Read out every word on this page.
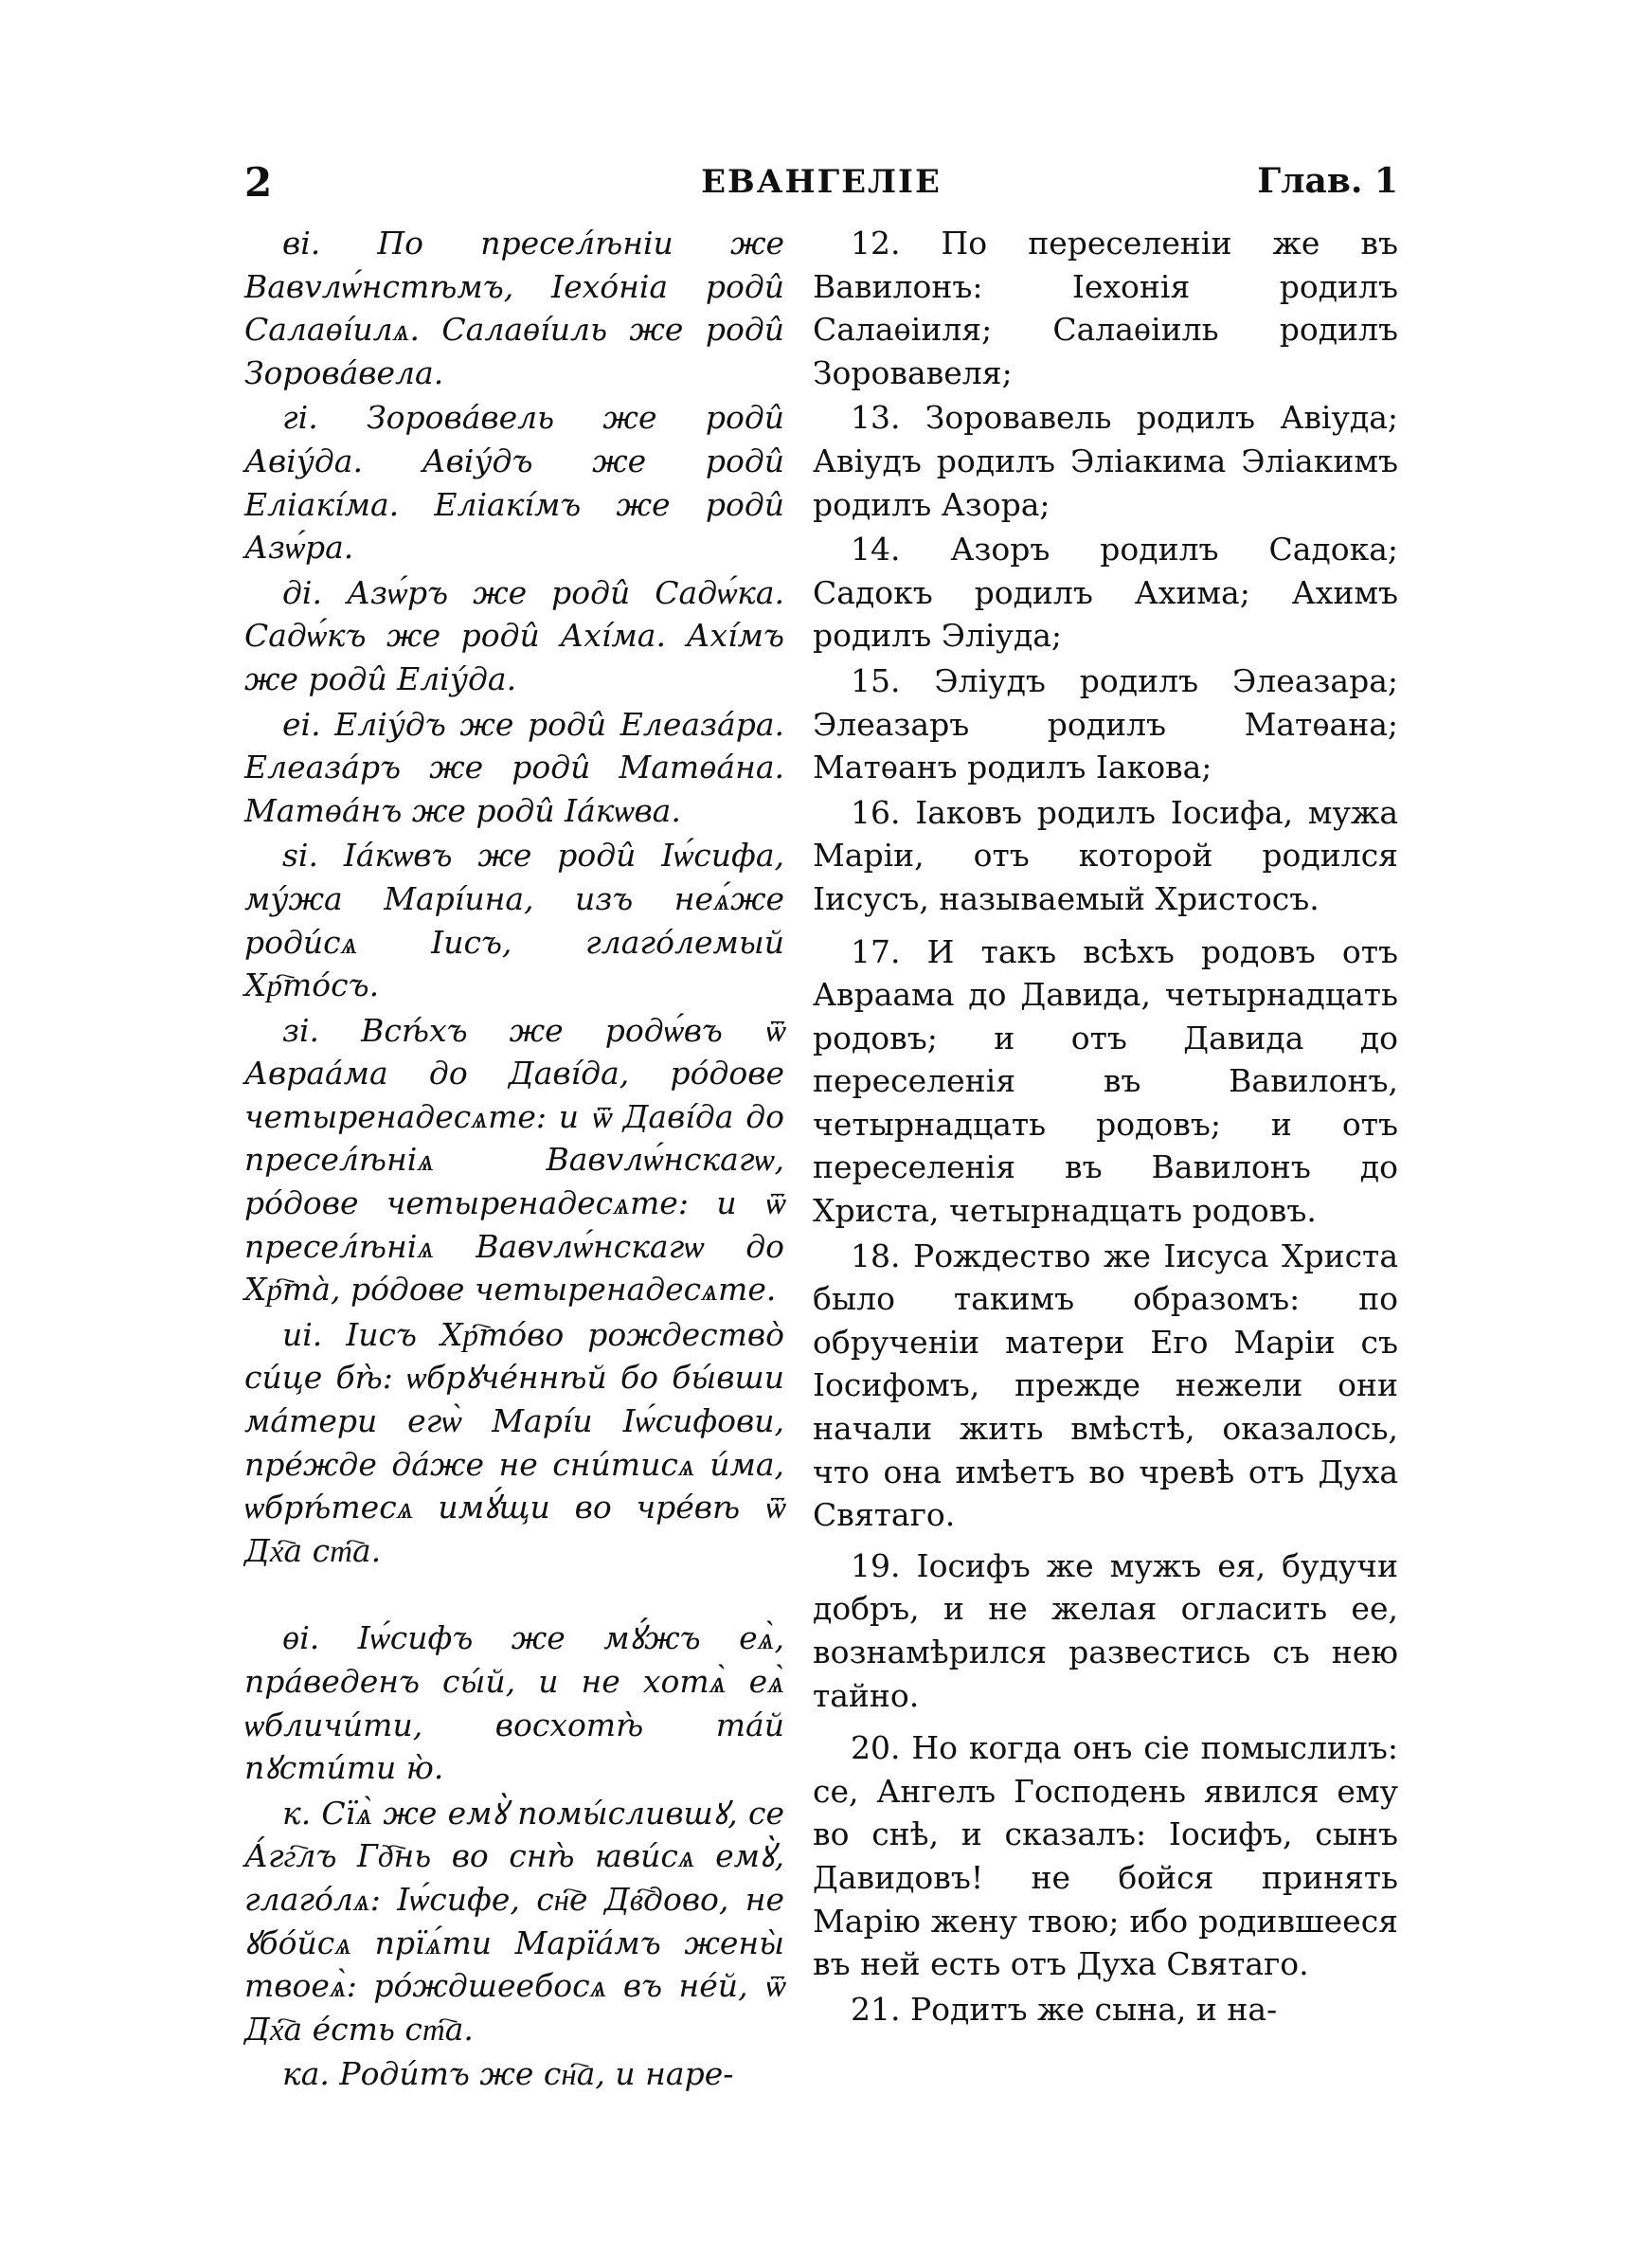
2	ЕВАНГЕЛІЕ	Глав. 1

ві. По пресел́ѣніи же Вавvлѡ́нстѣмъ, Іехо́ніа роди̂ Салаѳі́илѧ. Салаѳі́иль же роди̂ Зорова́вела.

гі. Зорова́вель же роди̂ Авіу́да. Авіу́дъ же роди̂ Еліакі́ма. Еліакі́мъ же роди̂ Азѡ́ра.

ді. Азѡ́ръ же роди̂ Садѡ́ка. Садѡ́къ же роди̂ Ахі́ма. Ахі́мъ же роди̂ Еліу́да.

еі. Еліу́дъ же роди̂ Елеаза́ра. Елеаза́ръ же роди̂ Матѳа́на. Матѳа́нъ же роди̂ Іа́кѡва.

ѕі. Іа́кѡвъ же роди̂ Іѡ́сифа, му́жа Марі́ина, изъ неѧ́же роди́сѧ Іисъ, глаго́лемый Хр҇то́съ.

зі. Всѣ́хъ же родѡ́въ ѿ Авраа́ма до Даві́да, ро́дове четыренадесѧте: и ѿ Даві́да до пресел́ѣніѧ Вавvлѡ́нскагѡ, ро́дове четыренадесѧте: и ѿ пресел́ѣніѧ Вавvлѡ́нскагѡ до Хр҇та̀, ро́дове четыренадесѧте.

иі. Іисъ Хр҇то́во рождество̀ си́це бѣ̀: ѡбрꙋче́ннѣй бо бы́вши ма́тери егѡ̀ Марі́и Іѡ́сифови, пре́жде да́же не сни́тисѧ и́ма, ѡбрѣ́тесѧ имꙋ́щи во чре́вѣ ѿ Дх҇а ст҇а.

ѳі. Іѡ́сифъ же мꙋ́жъ еѧ̀, пра́веденъ сы́й, и не хотѧ̀ еѧ̀ ѡбличи́ти, восхотѣ̀ та́й пꙋсти́ти ю̀.

к. Сїѧ̀ же емꙋ̀ помы́слившꙋ, се А́гг҇лъ Гд҇нь во снѣ̀ ꙗви́сѧ емꙋ̀, глаго́лѧ: Іѡ́сифе, сн҇е Дв҇дово, не ꙋбо́йсѧ прїѧ́ти Марїа́мъ жены̀ твоеѧ̀: ро́ждшеебосѧ въ не́й, ѿ Дх҇а е́сть ст҇а.

ка. Роди́тъ же сн҇а, и наре-

12. По переселеніи же въ Вавилонъ: Іехонія родилъ Салаѳіиля; Салаѳіиль родилъ Зоровавеля;

13. Зоровавель родилъ Авіуда; Авіудъ родилъ Эліакима Эліакимъ родилъ Азора;

14. Азоръ родилъ Садока; Садокъ родилъ Ахима; Ахимъ родилъ Эліуда;

15. Эліудъ родилъ Элеазара; Элеазаръ родилъ Матѳана; Матѳанъ родилъ Іакова;

16. Іаковъ родилъ Іосифа, мужа Маріи, отъ которой родился Іисусъ, называемый Христосъ.

17. И такъ всѣхъ родовъ отъ Авраама до Давида, четырнадцать родовъ; и отъ Давида до переселенія въ Вавилонъ, четырнадцать родовъ; и отъ переселенія въ Вавилонъ до Христа, четырнадцать родовъ.

18. Рождество же Іисуса Христа было такимъ образомъ: по обрученіи матери Его Маріи съ Іосифомъ, прежде нежели они начали жить вмѣстѣ, оказалось, что она имѣетъ во чревѣ отъ Духа Святаго.

19. Іосифъ же мужъ ея, будучи добръ, и не желая огласить ее, вознамѣрился развестись съ нею тайно.

20. Но когда онъ сіе помыслилъ: се, Ангелъ Господень явился ему во снѣ, и сказалъ: Іосифъ, сынъ Давидовъ! не бойся принять Марію жену твою; ибо родившееся въ ней есть отъ Духа Святаго.

21. Родитъ же сына, и на-
